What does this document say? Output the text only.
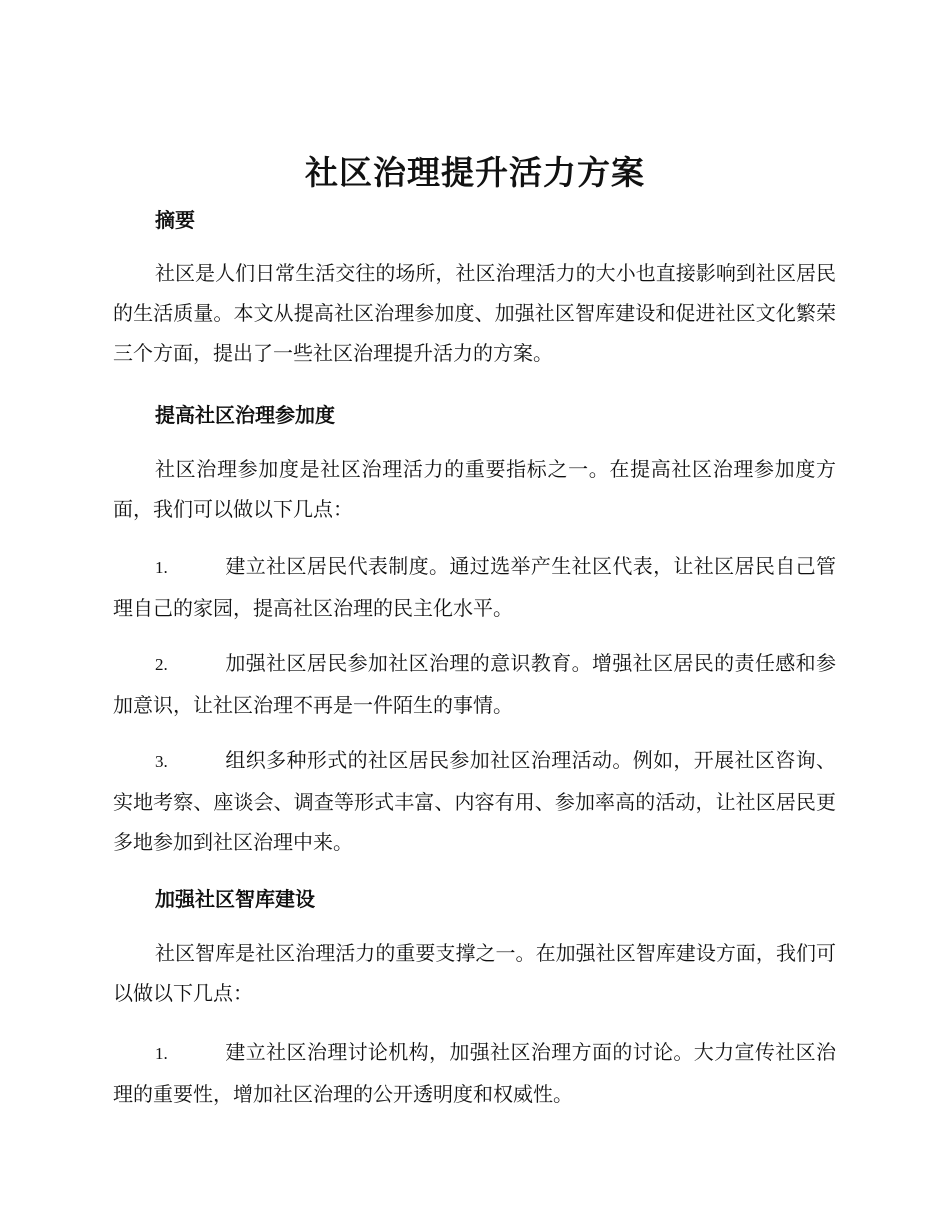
社区治理提升活力方案
摘要

社区是人们日常生活交往的场所，社区治理活力的大小也直接影响到社区居民的生活质量。本文从提高社区治理参加度、加强社区智库建设和促进社区文化繁荣三个方面，提出了一些社区治理提升活力的方案。

提高社区治理参加度

社区治理参加度是社区治理活力的重要指标之一。在提高社区治理参加度方面，我们可以做以下几点：

1.	建立社区居民代表制度。通过选举产生社区代表，让社区居民自己管理自己的家园，提高社区治理的民主化水平。

2.	加强社区居民参加社区治理的意识教育。增强社区居民的责任感和参加意识，让社区治理不再是一件陌生的事情。

3.	组织多种形式的社区居民参加社区治理活动。例如，开展社区咨询、实地考察、座谈会、调查等形式丰富、内容有用、参加率高的活动，让社区居民更多地参加到社区治理中来。

加强社区智库建设

社区智库是社区治理活力的重要支撑之一。在加强社区智库建设方面，我们可以做以下几点：

1.	建立社区治理讨论机构，加强社区治理方面的讨论。大力宣传社区治理的重要性，增加社区治理的公开透明度和权威性。
